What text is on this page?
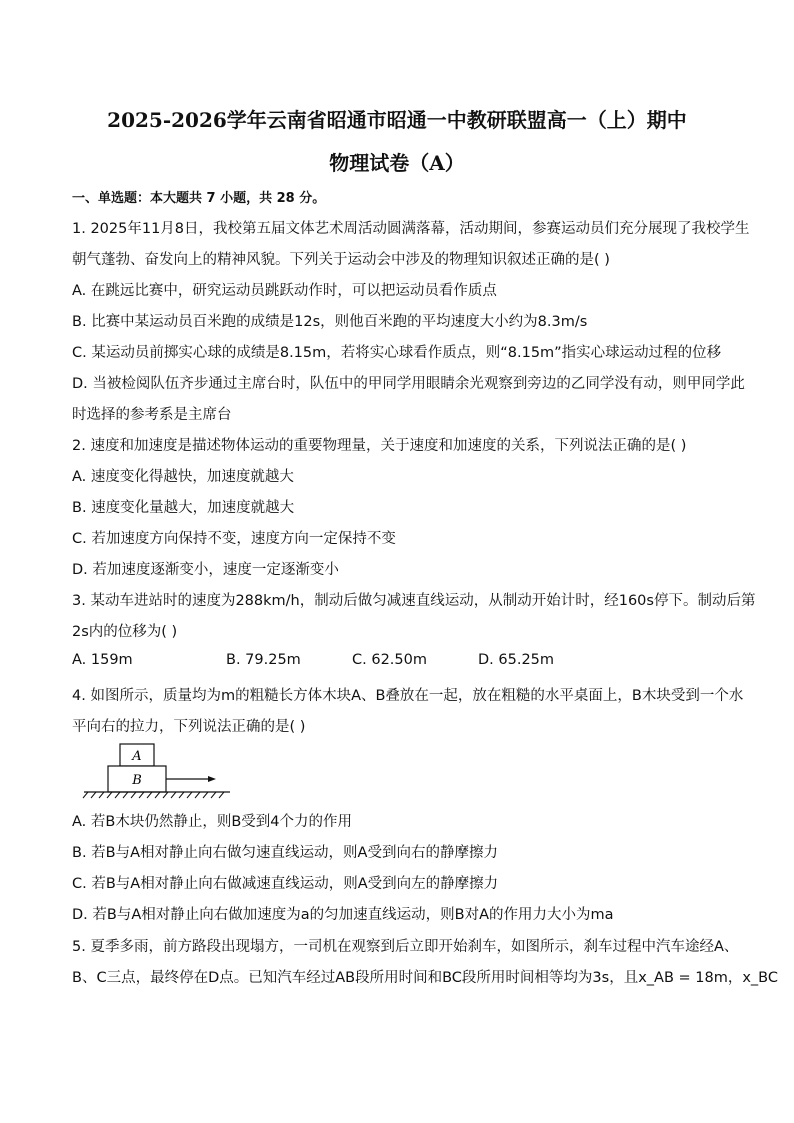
2025-2026学年云南省昭通市昭通一中教研联盟高一（上）期中
物理试卷（A）
一、单选题：本大题共 7 小题，共 28 分。
1. 2025年11月8日，我校第五届文体艺术周活动圆满落幕，活动期间，参赛运动员们充分展现了我校学生
朝气蓬勃、奋发向上的精神风貌。下列关于运动会中涉及的物理知识叙述正确的是( )
A. 在跳远比赛中，研究运动员跳跃动作时，可以把运动员看作质点
B. 比赛中某运动员百米跑的成绩是12s，则他百米跑的平均速度大小约为8.3m/s
C. 某运动员前掷实心球的成绩是8.15m，若将实心球看作质点，则“8.15m”指实心球运动过程的位移
D. 当被检阅队伍齐步通过主席台时，队伍中的甲同学用眼睛余光观察到旁边的乙同学没有动，则甲同学此
时选择的参考系是主席台
2. 速度和加速度是描述物体运动的重要物理量，关于速度和加速度的关系，下列说法正确的是( )
A. 速度变化得越快，加速度就越大
B. 速度变化量越大，加速度就越大
C. 若加速度方向保持不变，速度方向一定保持不变
D. 若加速度逐渐变小，速度一定逐渐变小
3. 某动车进站时的速度为288km/h，制动后做匀减速直线运动，从制动开始计时，经160s停下。制动后第
2s内的位移为( )
A. 159m	B. 79.25m	C. 62.50m	D. 65.25m
4. 如图所示，质量均为m的粗糙长方体木块A、B叠放在一起，放在粗糙的水平桌面上，B木块受到一个水
平向右的拉力，下列说法正确的是( )
A
B
A. 若B木块仍然静止，则B受到4个力的作用
B. 若B与A相对静止向右做匀速直线运动，则A受到向右的静摩擦力
C. 若B与A相对静止向右做减速直线运动，则A受到向左的静摩擦力
D. 若B与A相对静止向右做加速度为a的匀加速直线运动，则B对A的作用力大小为ma
5. 夏季多雨，前方路段出现塌方，一司机在观察到后立即开始刹车，如图所示，刹车过程中汽车途经A、
B、C三点，最终停在D点。已知汽车经过AB段所用时间和BC段所用时间相等均为3s，且x_AB = 18m，x_BC
